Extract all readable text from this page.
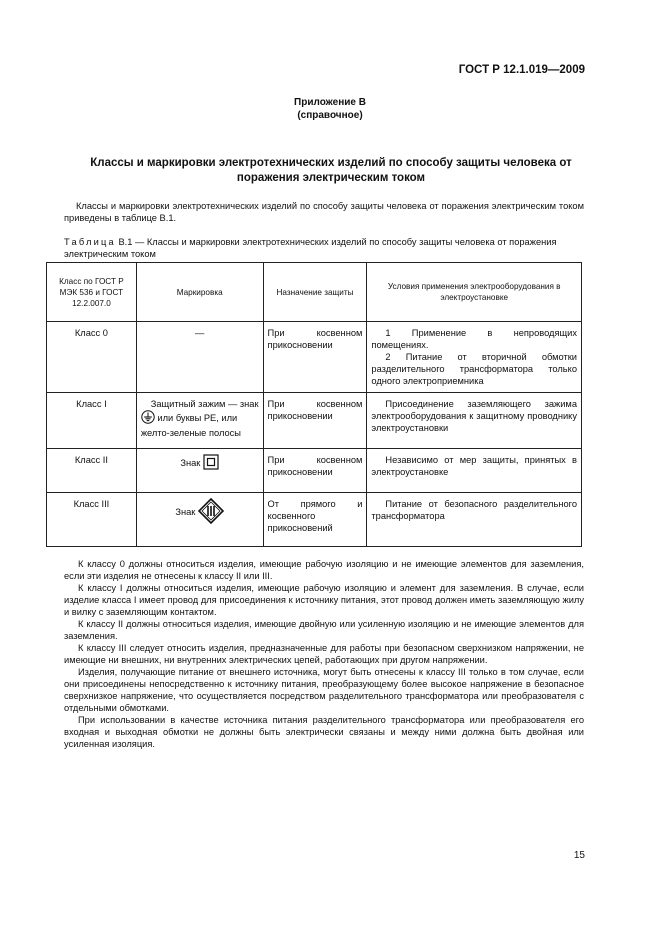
ГОСТ Р 12.1.019—2009
Приложение В
(справочное)
Классы и маркировки электротехнических изделий по способу защиты человека от поражения электрическим током
Классы и маркировки электротехнических изделий по способу защиты человека от поражения электрическим током приведены в таблице В.1.
Таблица В.1 — Классы и маркировки электротехнических изделий по способу защиты человека от поражения электрическим током
Класс по ГОСТ Р МЭК 536 и ГОСТ 12.2.007.0	Маркировка	Назначение защиты	Условия применения электрооборудования в электроустановке
Класс 0	—	При косвенном прикосновении	1 Применение в непроводящих помещениях.

2 Питание от вторичной обмотки разделительного трансформатора только одного электроприемника

Класс I	Защитный зажим — знак
или буквы РЕ, или
желто-зеленые полосы	При косвенном прикосновении	Присоединение заземляющего зажима электрооборудования к защитному проводнику электроустановки

Класс II	Знак	При косвенном прикосновении	Независимо от мер защиты, принятых в электроустановке

Класс III	Знак	От прямого и косвенного прикосновений	Питание от безопасного разделительного трансформатора

К классу 0 должны относиться изделия, имеющие рабочую изоляцию и не имеющие элементов для заземления, если эти изделия не отнесены к классу II или III.

К классу I должны относиться изделия, имеющие рабочую изоляцию и элемент для заземления. В случае, если изделие класса I имеет провод для присоединения к источнику питания, этот провод должен иметь заземляющую жилу и вилку с заземляющим контактом.

К классу II должны относиться изделия, имеющие двойную или усиленную изоляцию и не имеющие элементов для заземления.

К классу III следует относить изделия, предназначенные для работы при безопасном сверхнизком напряжении, не имеющие ни внешних, ни внутренних электрических цепей, работающих при другом напряжении.

Изделия, получающие питание от внешнего источника, могут быть отнесены к классу III только в том случае, если они присоединены непосредственно к источнику питания, преобразующему более высокое напряжение в безопасное сверхнизкое напряжение, что осуществляется посредством разделительного трансформатора или преобразователя с отдельными обмотками.

При использовании в качестве источника питания разделительного трансформатора или преобразователя его входная и выходная обмотки не должны быть электрически связаны и между ними должна быть двойная или усиленная изоляция.

15
